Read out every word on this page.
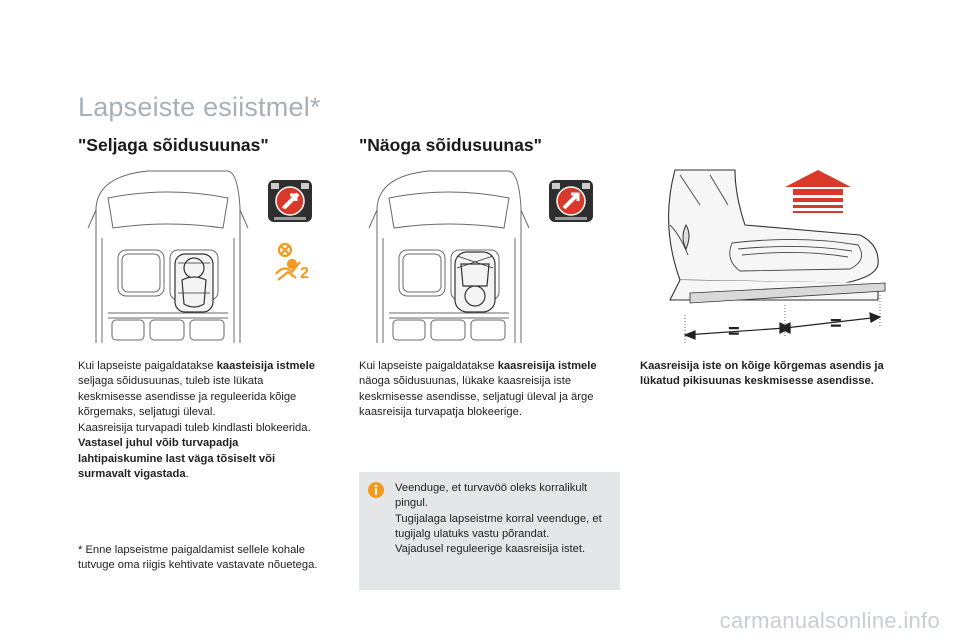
Lapseiste esiistmel*
"Seljaga sõidusuunas"	"Näoga sõidusuunas"
2
=	=
Kui lapseiste paigaldatakse kaasteisija istmele seljaga sõidusuunas, tuleb iste lükata keskmisesse asendisse ja reguleerida kõige kõrgemaks, seljatugi üleval.
Kaasreisija turvapadi tuleb kindlasti blokeerida. Vastasel juhul võib turvapadja lahtipaiskumine last väga tõsiselt või surmavalt vigastada.
* Enne lapseistme paigaldamist sellele kohale tutvuge oma riigis kehtivate vastavate nõuetega.
Kui lapseiste paigaldatakse kaasreisija istmele näoga sõidusuunas, lükake kaasreisija iste keskmisesse asendisse, seljatugi üleval ja ärge kaasreisija turvapatja blokeerige.
Kaasreisija iste on kõige kõrgemas asendis ja lükatud pikisuunas keskmisesse asendisse.
Veenduge, et turvavöö oleks korralikult pingul.
Tugijalaga lapseistme korral veenduge, et tugijalg ulatuks vastu põrandat.
Vajadusel reguleerige kaasreisija istet.
carmanualsonline.info
